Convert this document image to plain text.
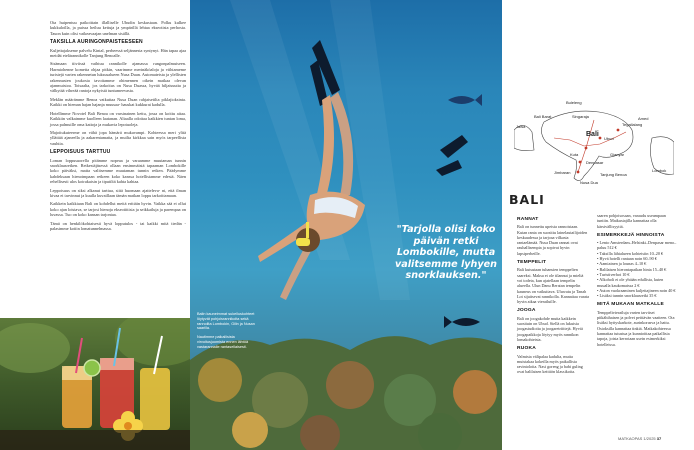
Ota huipentuu paikoittain illalliselle Ubudin keskustaan. Polku kulkee kukkuloilla, ja puissa heiluu kettuja ja ympärillä lehtaa ekseotista perhosta. Tauon kuin olisi vaikeavaajan unelman sisällä.

TAKSILLA AURINGONPAISTEESEEN

Kuljettajakseme palvelu Kintal, perheessä seljännesta syntynyt. Hän tapaa ajaa meidät etelärannikolle Tanjung Benoalle.

Sisämaan tiiviissä vaihtuu rannikolle ajamassa rungonpalmuiseen. Harmiohenne kometta ohjaa pitkin, vaarimme merinäköaloja ja viihtameme turistejä varten rakennetun luksusalueen Nusa Duan. Automateista ja ylellisten rakennusten joukosta tavoitamme ohimennen oikein matkaa olevan ajanmuistoa. Toisaalta, jos tarkoitus on Nusa Duassa, hyvää hiljaisuutta ja välkytää vihreää rantoja nykyistä tuntumeevasta.

Meklän määrämme Benoa vatkuttaa Nusa Duan rahjaisetilta piklajioksinta. Kaikki on hieman hajan hajanja muusaa- hauskat kukkurat kadulla.

Hotellimme Novotel Bali Benoa on varsinainen kettu, jossa on koittu aitaa. Kaikkiin valkaimme kuolleen laatanan. Altaalla odottaa kaikkien tuntan loma, jossa palmuille oma kattoja ja mukavia lepotuoleja.

Majoitukuteerme on vähä jopa hämärä mukavampi. Kohteessa meri ylitä yllättää ajaneella ja aakarentamatta, ja muilta kirkkaa sain myös tarpeellista vauhtia.

LEPPOISUUS TARTTUU

Loman loppusuorella pitämme nopeaa ja varaamme muutaman tunnin snorklausretken. Retkestäjäsessä ollaan ensimmäistä tapaaman Lombokille koko päiväksi, matta valitsemme muutaman tunnin retken. Päädymme kahdeksaan hienoimpaan retkeen koko kanssa hotellistamme edestä. Näen rehellisesti ulos koirakaisin ja tiputiltä kahta kahtaa.

Leppoisuus on siksi alkanut tarttua, siitä huomaan ajatteleva- ni, että ilman kivaa ei tarvinnut ja kuulla kuvaillaan tämän matkan loppu tarkoittamaan.

Kaikkein kaikkiaan Bali on kohdellut meitä erittäin hyvin. Vaikka sää ei ollut koko ajan loistava, se tarjosi hienoja ekseotittisia ja seikkailuja ja parempaa on luvassa. Tuo on koko kansan tarjontaa.

Tämä on henkilökohtaisesti hyvä lopputulos - tai kaikki mitä tiedän - palasimme kotiin lomatunnelmassa.	"Tarjolla olisi koko päivän retki Lombokille, mutta valitsemme lyhyen snorklauksen."

Balin kauneimmat sukelluskohteet löytyvät pohjoisrannikolta sekä rannoilta Lombokin, Gilin ja Nusan saarilla.

Nautimme paikallisista virvoitusjuomista ennen lähtöä vastarannalle rantasellaisesti.

Jawa
Bali
Buleleng
Singaraja
Ubud
Denpasar
Gianyar
Kuta
Jimbaran
Nusa Dua
Tanjung Benoa
Tegallalang
Amed
Bali Barat
Lombok
BALI
RANNAT

Bali on tunnettu upeista rannoistaan. Kutan ranta on suosittu lainelautailijoiden keskuudessa ja tarjoaa vilkasta rantaelämää. Nusa Duan rannat ovat rauhallisempia ja sopivat hyvin lapsiperheille.

TEMPPELIT

Bali kutsutaan tuhansien temppelien saareksi. Maksa et ole tilannut ja mieliä voi todeta, kun ajatellaan tempelin alueella. Ulun Danu Beratan tempelin kauneus on vaikuttava. Uluwatu ja Tanah Lot sijaitsevat rannikolla. Kannattaa varata hyvin aikaa vierailuille.

JOOGA

Bali on joogakohde mutta kaikkein suosituin on Ubud. Siellä on lukuisia joogastudioita ja joogaretriittejä. Hyviä joogapaikkoja löytyy myös rannikon lomakohteista.

RUOKA

Valmista välipalaa kadulta, mutta muistakaa kokeilla myös paikallisia ravintoloita. Nasi goreng ja babi guling ovat balilaisen keittiön klassikoita.

saaren pohjoisosaan, varaudu useampaan tuntiin. Matkustajilla kannattaa olla kärsivällisyyttä.

ESIMERKKEJÄ HINNOISTA
• Lento Amsterdam–Helsinki–Denpasar meno–paluu 512 €
• Taksilla lähialueen kohteisiin 10–20 €
• Hyvä hotelli rantaan noin 60–90 €
• Aamiainen ja lounas 4–10 €
• Balilaisen hierontapaikan hinta 15–40 €
• Turistiverhot 10 €
• Alkoholi ei ole yhtään edullista, kuten muualla kaukomaissa 2 €
• Auton vuokraaminen kuljettajineen noin 40 €
• Lisäksi tunnin snorklausretki 35 €
MITÄ MUKAAN MATKALLE

Temppelivierailuja varten tarvitset pitkähihaisen ja polvet peittävän vaatteen. Ota lisäksi hyttyskarkote, aurinkorasva ja hattu. Ostoksilla kannattaa tinkiä. Matkakohteessa kannattaa tutustua ja kunnioittaa paikallisia tapoja, joista kerrotaan usein esimerkiksi hotelleissa.

MATKAOPAS 1/2025 37
